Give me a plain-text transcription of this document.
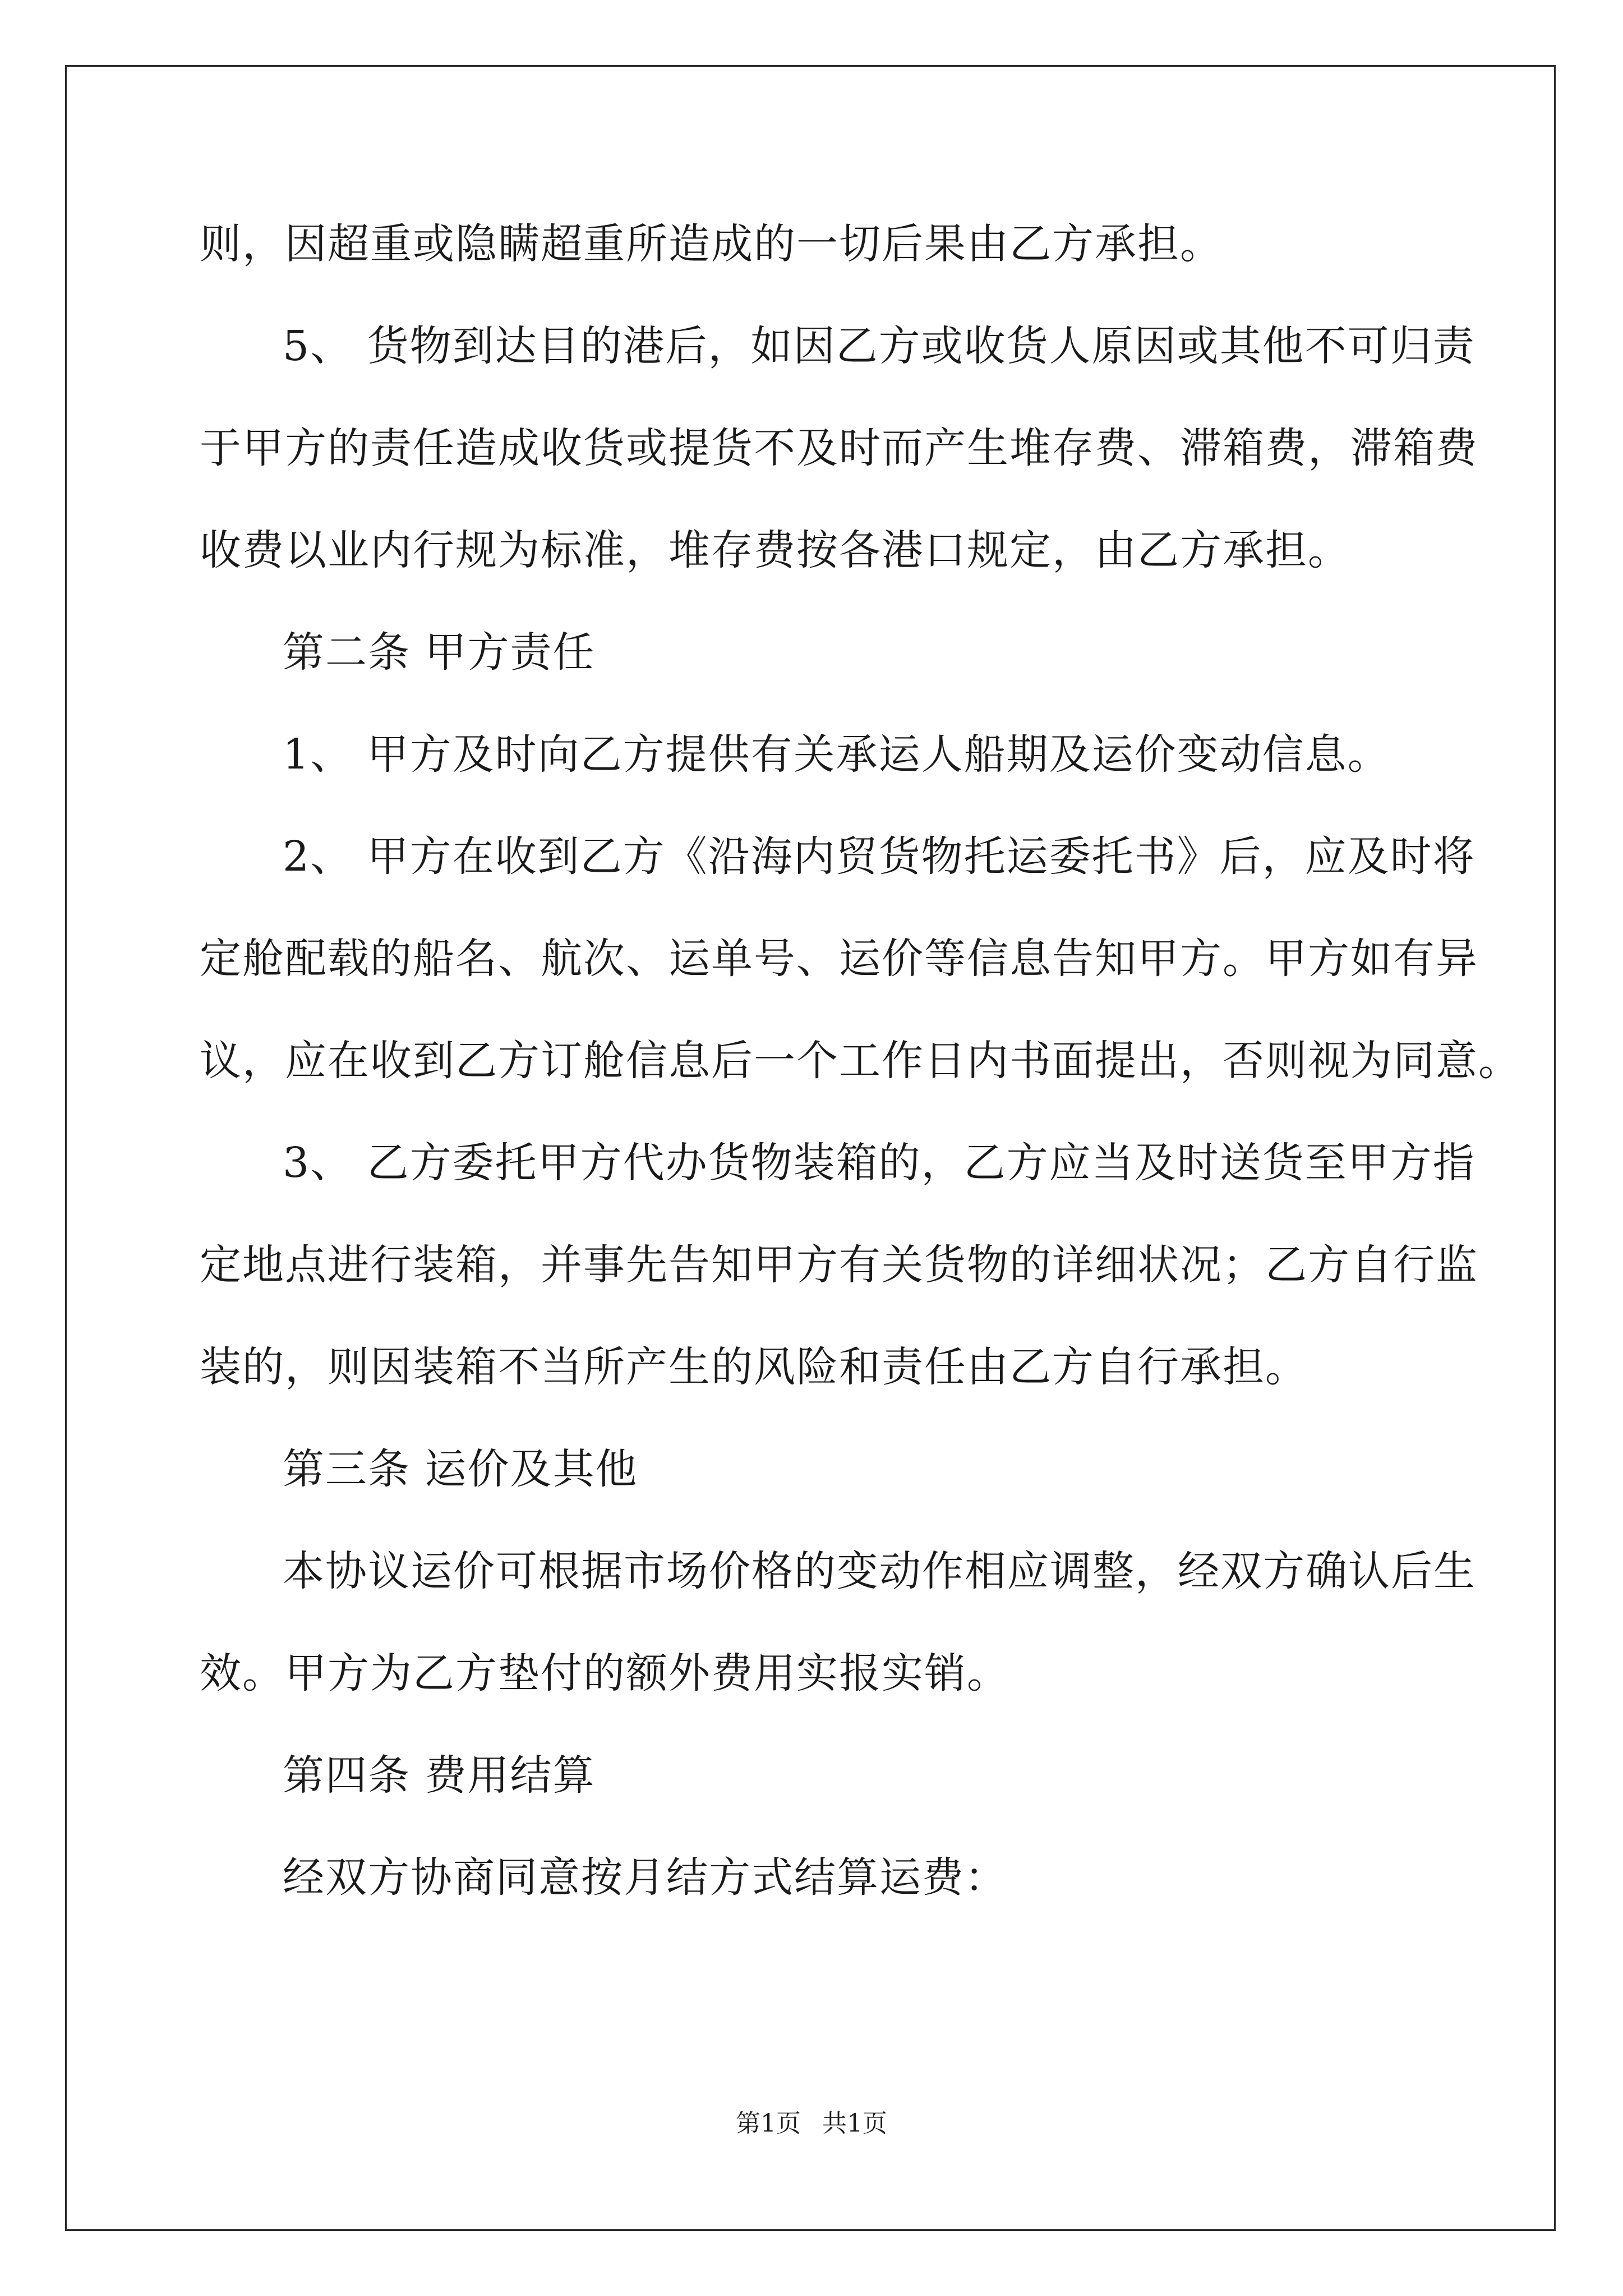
则，因超重或隐瞒超重所造成的一切后果由乙方承担。
5、 货物到达目的港后，如因乙方或收货人原因或其他不可归责
于甲方的责任造成收货或提货不及时而产生堆存费、滞箱费，滞箱费
收费以业内行规为标准，堆存费按各港口规定，由乙方承担。
第二条 甲方责任
1、 甲方及时向乙方提供有关承运人船期及运价变动信息。
2、 甲方在收到乙方《沿海内贸货物托运委托书》后，应及时将
定舱配载的船名、航次、运单号、运价等信息告知甲方。甲方如有异
议，应在收到乙方订舱信息后一个工作日内书面提出，否则视为同意。
3、 乙方委托甲方代办货物装箱的，乙方应当及时送货至甲方指
定地点进行装箱，并事先告知甲方有关货物的详细状况；乙方自行监
装的，则因装箱不当所产生的风险和责任由乙方自行承担。
第三条 运价及其他
本协议运价可根据市场价格的变动作相应调整，经双方确认后生
效。甲方为乙方垫付的额外费用实报实销。
第四条 费用结算
经双方协商同意按月结方式结算运费：
第1页 共1页
